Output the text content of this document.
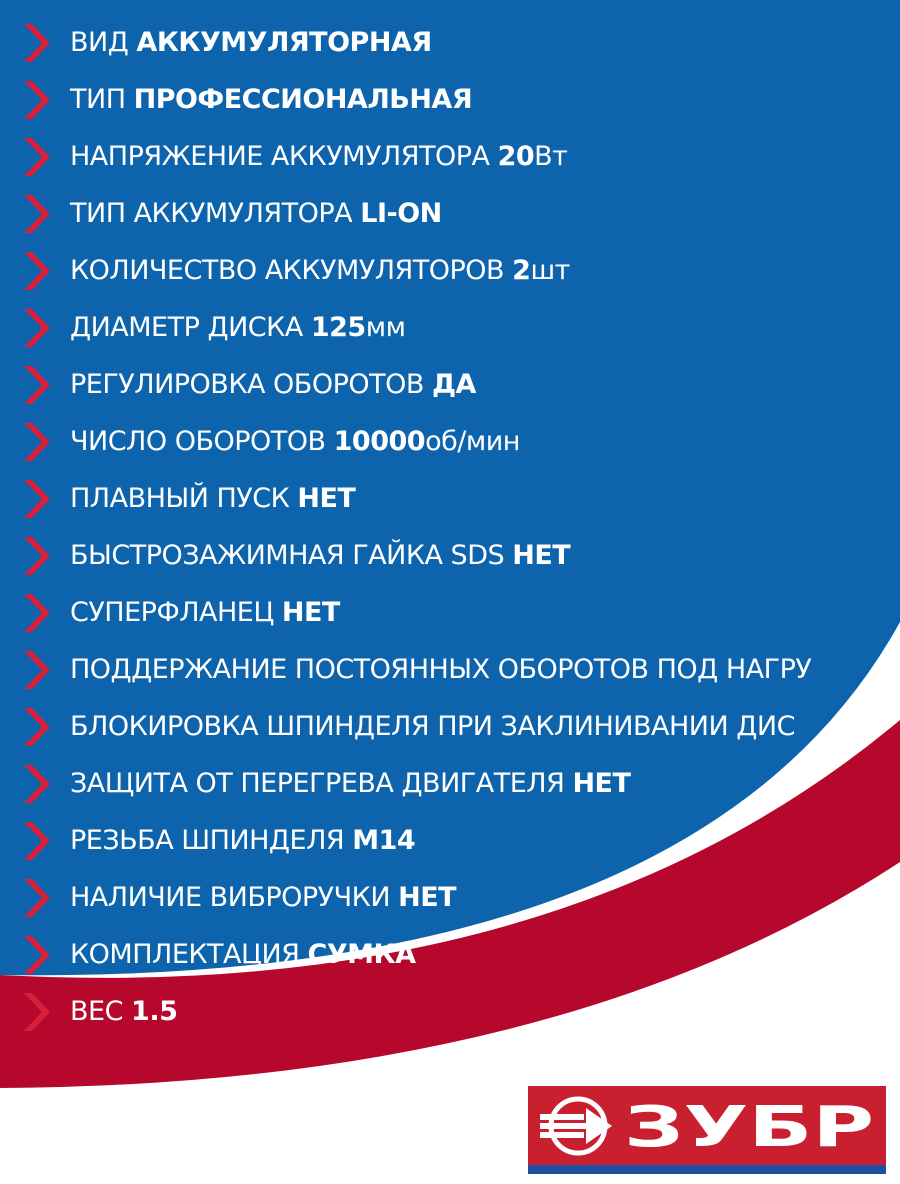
ВИД АККУМУЛЯТОРНАЯ
ТИП ПРОФЕССИОНАЛЬНАЯ
НАПРЯЖЕНИЕ АККУМУЛЯТОРА 20Вт
ТИП АККУМУЛЯТОРА LI-ON
КОЛИЧЕСТВО АККУМУЛЯТОРОВ 2шт
ДИАМЕТР ДИСКА 125мм
РЕГУЛИРОВКА ОБОРОТОВ ДА
ЧИСЛО ОБОРОТОВ 10000об/мин
ПЛАВНЫЙ ПУСК НЕТ
БЫСТРОЗАЖИМНАЯ ГАЙКА SDS НЕТ
СУПЕРФЛАНЕЦ НЕТ
ПОДДЕРЖАНИЕ ПОСТОЯННЫХ ОБОРОТОВ ПОД НАГРУ
БЛОКИРОВКА ШПИНДЕЛЯ ПРИ ЗАКЛИНИВАНИИ ДИС
ЗАЩИТА ОТ ПЕРЕГРЕВА ДВИГАТЕЛЯ НЕТ
РЕЗЬБА ШПИНДЕЛЯ М14
НАЛИЧИЕ ВИБРОРУЧКИ НЕТ
КОМПЛЕКТАЦИЯ СУМКА
ВЕС 1.5
ЗУБР
